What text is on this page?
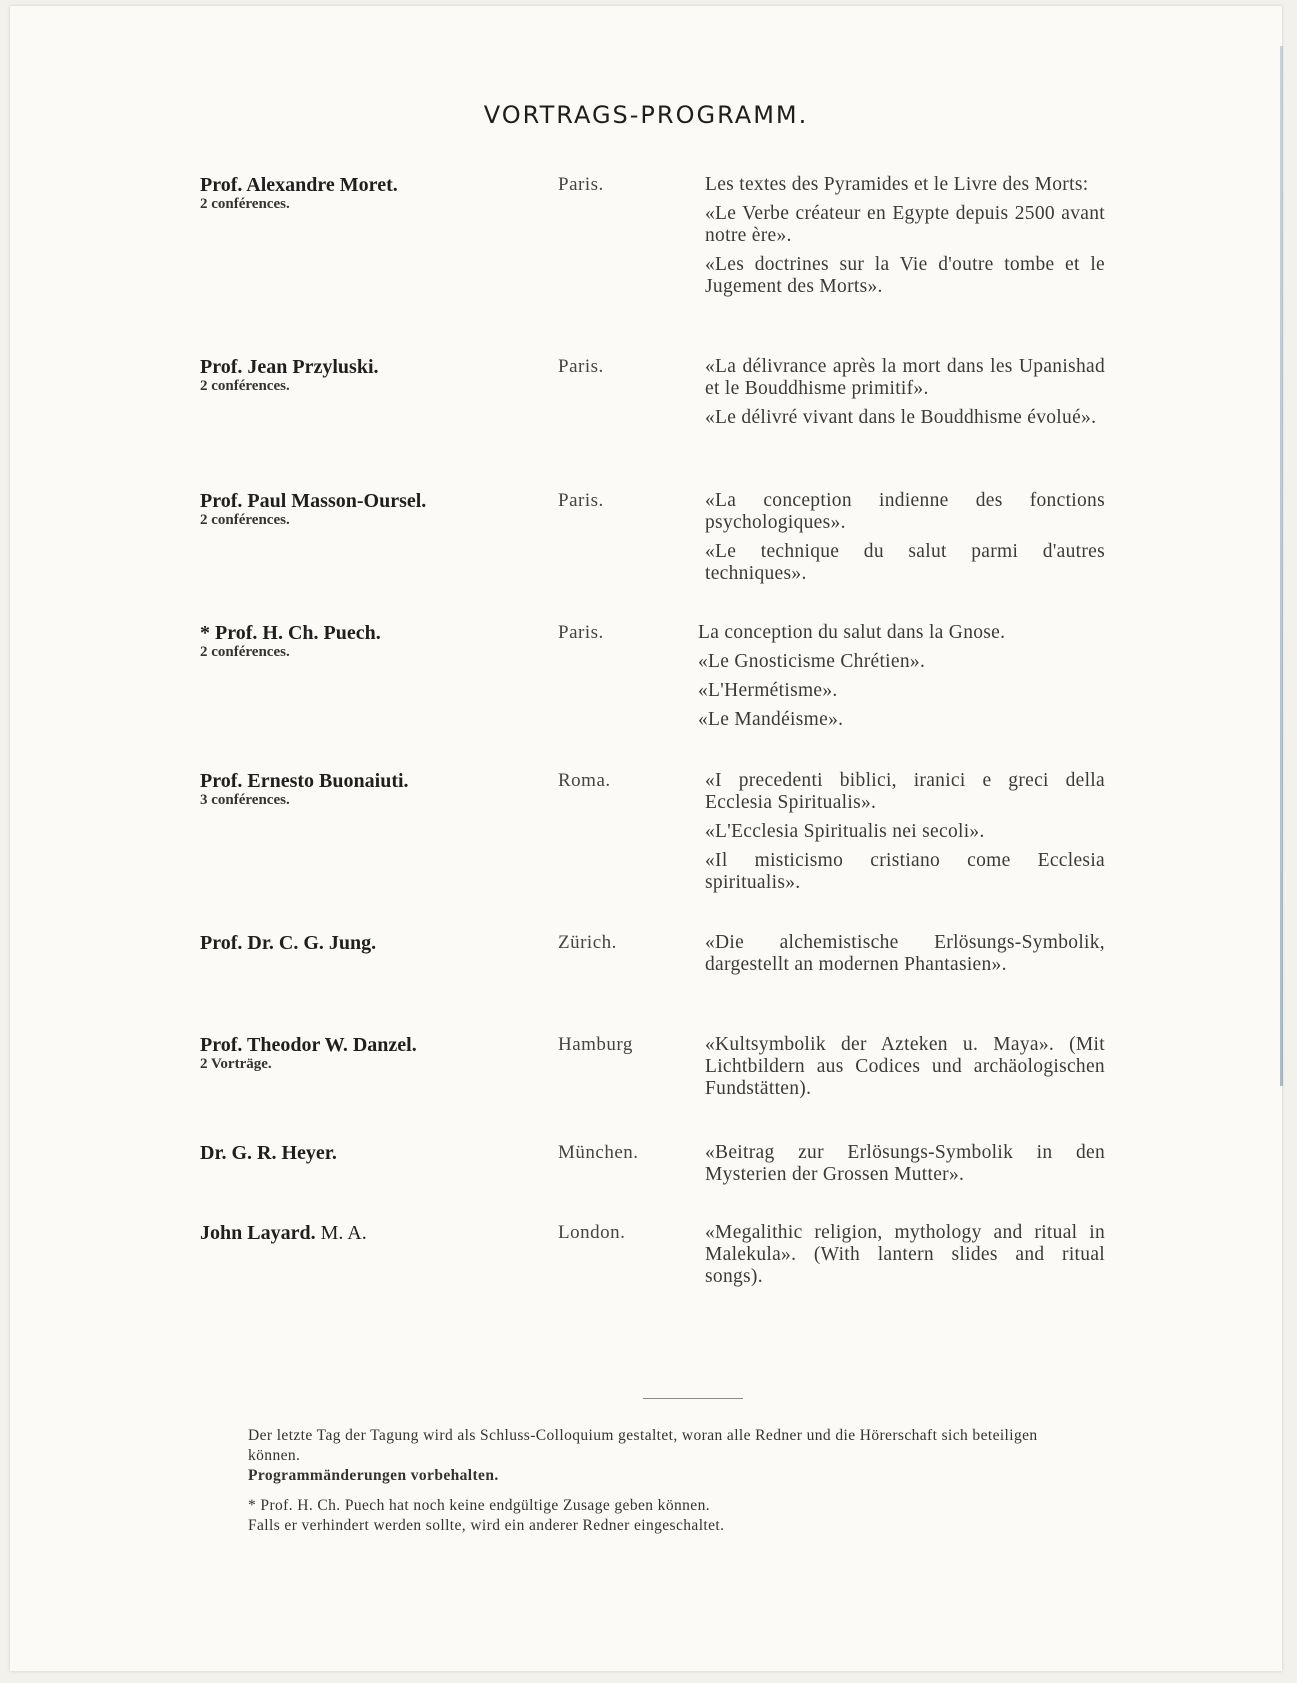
VORTRAGS-PROGRAMM.
Prof. Alexandre Moret.
2 conférences.
Paris.	Les textes des Pyramides et le Livre des Morts:

«Le Verbe créateur en Egypte depuis 2500 avant notre ère».

«Les doctrines sur la Vie d'outre tombe et le Jugement des Morts».

Prof. Jean Przyluski.
2 conférences.
Paris.	«La délivrance après la mort dans les Upanishad et le Bouddhisme primitif».

«Le délivré vivant dans le Bouddhisme évolué».

Prof. Paul Masson-Oursel.
2 conférences.
Paris.	«La conception indienne des fonctions psychologiques».

«Le technique du salut parmi d'autres techniques».

* Prof. H. Ch. Puech.
2 conférences.
Paris.	La conception du salut dans la Gnose.

«Le Gnosticisme Chrétien».

«L'Hermétisme».

«Le Mandéisme».

Prof. Ernesto Buonaiuti.
3 conférences.
Roma.	«I precedenti biblici, iranici e greci della Ecclesia Spiritualis».

«L'Ecclesia Spiritualis nei secoli».

«Il misticismo cristiano come Ecclesia spiritualis».

Prof. Dr. C. G. Jung.	Zürich.	«Die alchemistische Erlösungs-Symbolik, dargestellt an modernen Phantasien».

Prof. Theodor W. Danzel.
2 Vorträge.
Hamburg	«Kultsymbolik der Azteken u. Maya». (Mit Lichtbildern aus Codices und archäologischen Fundstätten).

Dr. G. R. Heyer.	München.	«Beitrag zur Erlösungs-Symbolik in den Mysterien der Grossen Mutter».

John Layard. M. A.	London.	«Megalithic religion, mythology and ritual in Malekula». (With lantern slides and ritual songs).

Der letzte Tag der Tagung wird als Schluss-Colloquium gestaltet, woran alle Redner und die Hörerschaft sich beteiligen können.

Programmänderungen vorbehalten.

* Prof. H. Ch. Puech hat noch keine endgültige Zusage geben können.

Falls er verhindert werden sollte, wird ein anderer Redner eingeschaltet.
